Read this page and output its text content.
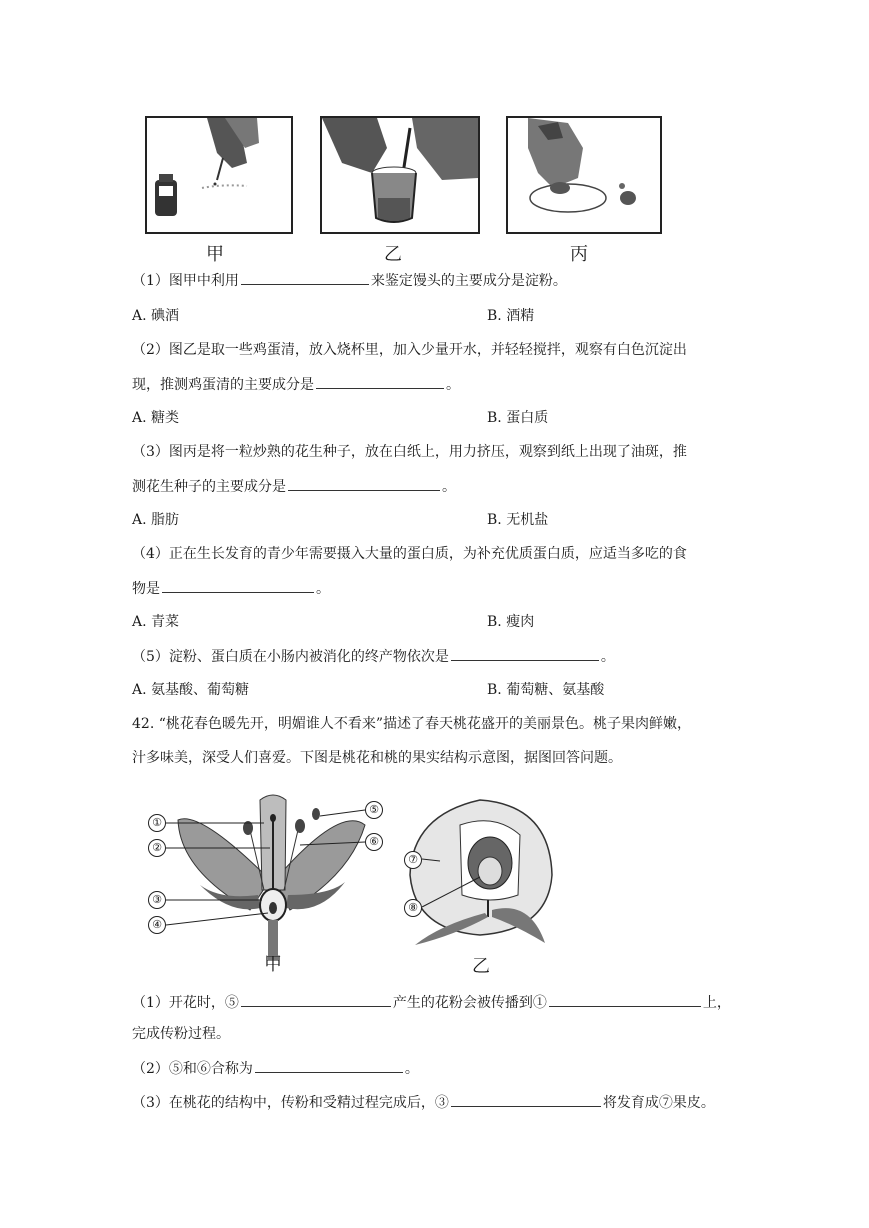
甲	乙	丙
（1）图甲中利用	来鉴定馒头的主要成分是淀粉。
A. 碘酒	B. 酒精
（2）图乙是取一些鸡蛋清，放入烧杯里，加入少量开水，并轻轻搅拌，观察有白色沉淀出
现，推测鸡蛋清的主要成分是	。
A. 糖类	B. 蛋白质
（3）图丙是将一粒炒熟的花生种子，放在白纸上，用力挤压，观察到纸上出现了油斑，推
测花生种子的主要成分是	。
A. 脂肪	B. 无机盐
（4）正在生长发育的青少年需要摄入大量的蛋白质，为补充优质蛋白质，应适当多吃的食
物是	。
A. 青菜	B. 瘦肉
（5）淀粉、蛋白质在小肠内被消化的终产物依次是	。
A. 氨基酸、葡萄糖	B. 葡萄糖、氨基酸
42. “桃花春色暖先开，明媚谁人不看来”描述了春天桃花盛开的美丽景色。桃子果肉鲜嫩，
汁多味美，深受人们喜爱。下图是桃花和桃的果实结构示意图，据图回答问题。
①
②
③
④
⑤
⑥
甲
⑦
⑧
乙
（1）开花时，⑤	产生的花粉会被传播到①	上，
完成传粉过程。
（2）⑤和⑥合称为	。
（3）在桃花的结构中，传粉和受精过程完成后，③	将发育成⑦果皮。
